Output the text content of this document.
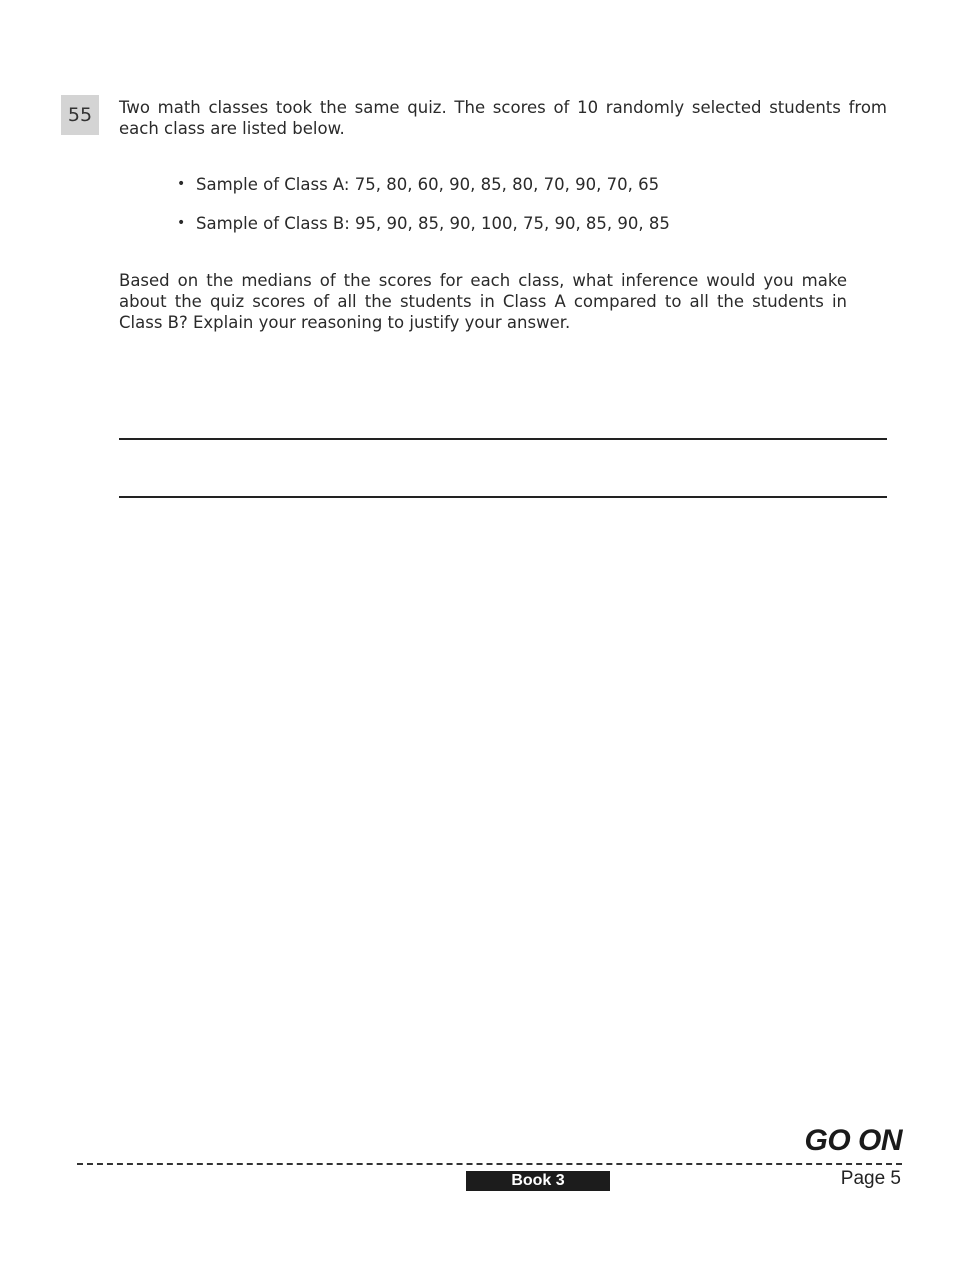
55	Two math classes took the same quiz. The scores of 10 randomly selected students from each class are listed below.

• Sample of Class A: 75, 80, 60, 90, 85, 80, 70, 90, 70, 65
• Sample of Class B: 95, 90, 85, 90, 100, 75, 90, 85, 90, 85

Based on the medians of the scores for each class, what inference would you make about the quiz scores of all the students in Class A compared to all the students in Class B? Explain your reasoning to justify your answer.

GO ON
Book 3	Page 5
